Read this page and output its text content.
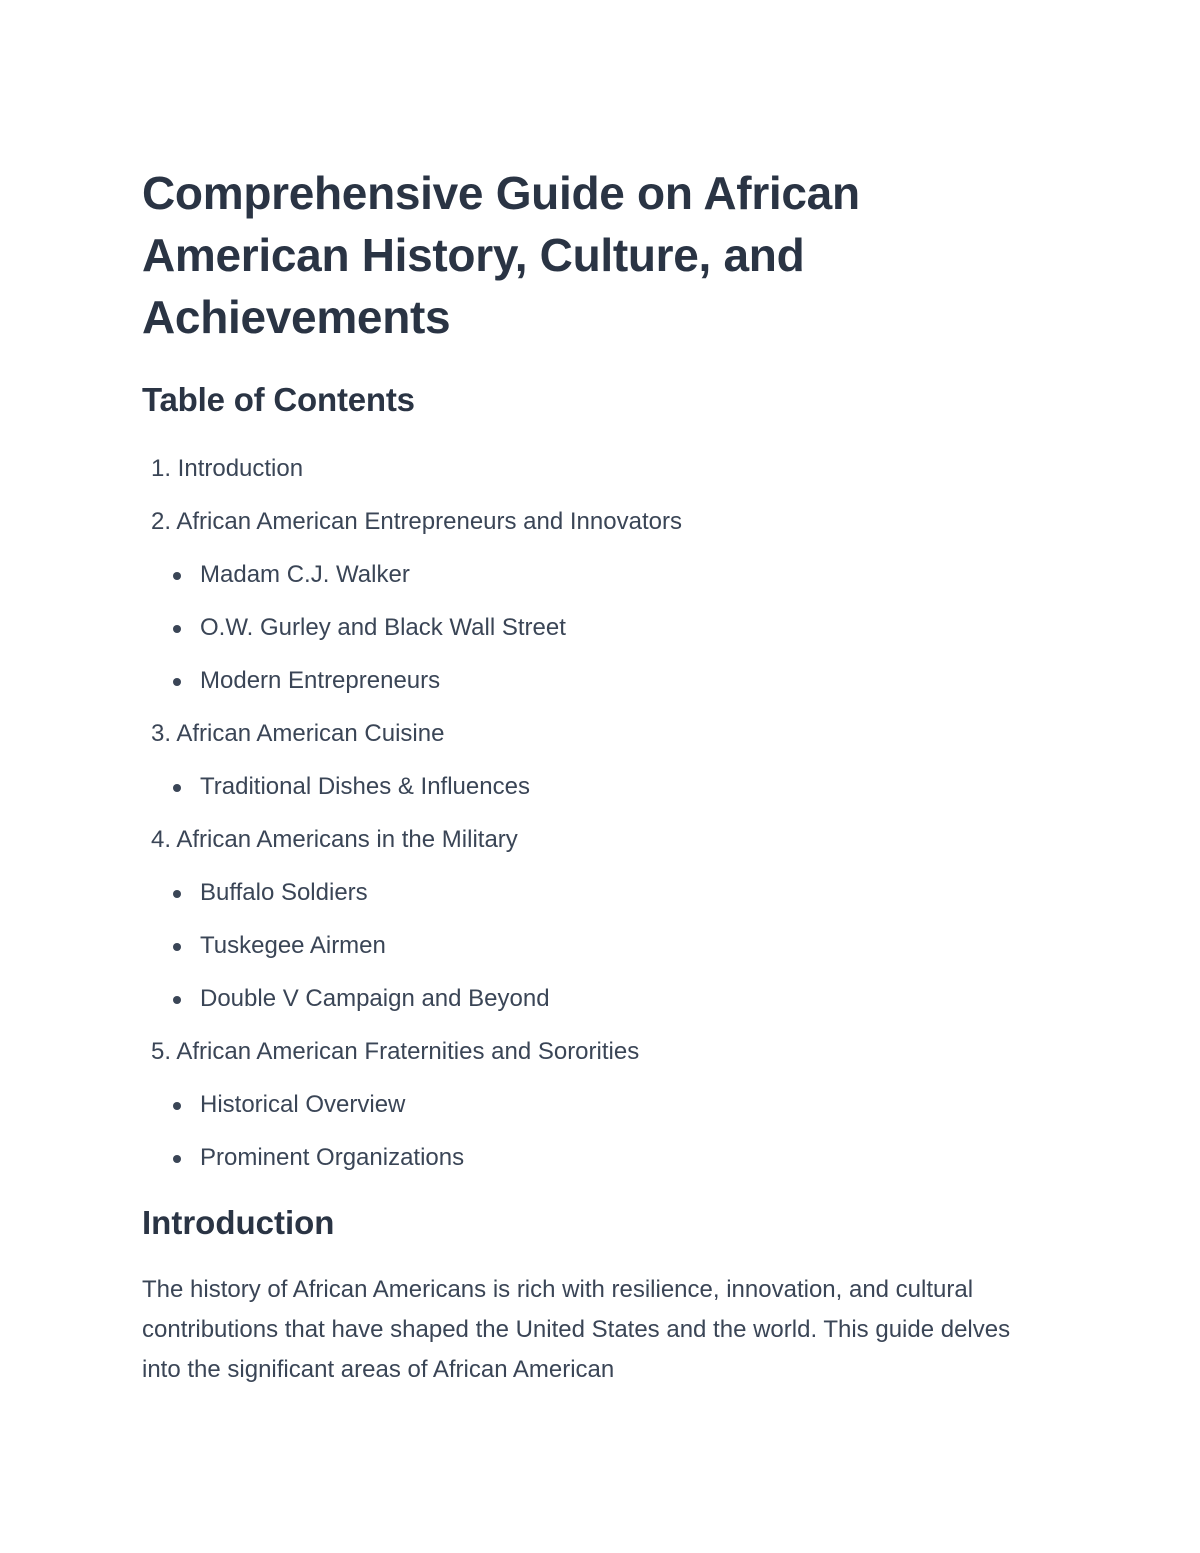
Comprehensive Guide on African American History, Culture, and Achievements
Table of Contents
1. Introduction
2. African American Entrepreneurs and Innovators
Madam C.J. Walker
O.W. Gurley and Black Wall Street
Modern Entrepreneurs
3. African American Cuisine
Traditional Dishes & Influences
4. African Americans in the Military
Buffalo Soldiers
Tuskegee Airmen
Double V Campaign and Beyond
5. African American Fraternities and Sororities
Historical Overview
Prominent Organizations
Introduction

The history of African Americans is rich with resilience, innovation, and cultural contributions that have shaped the United States and the world. This guide delves into the significant areas of African American
